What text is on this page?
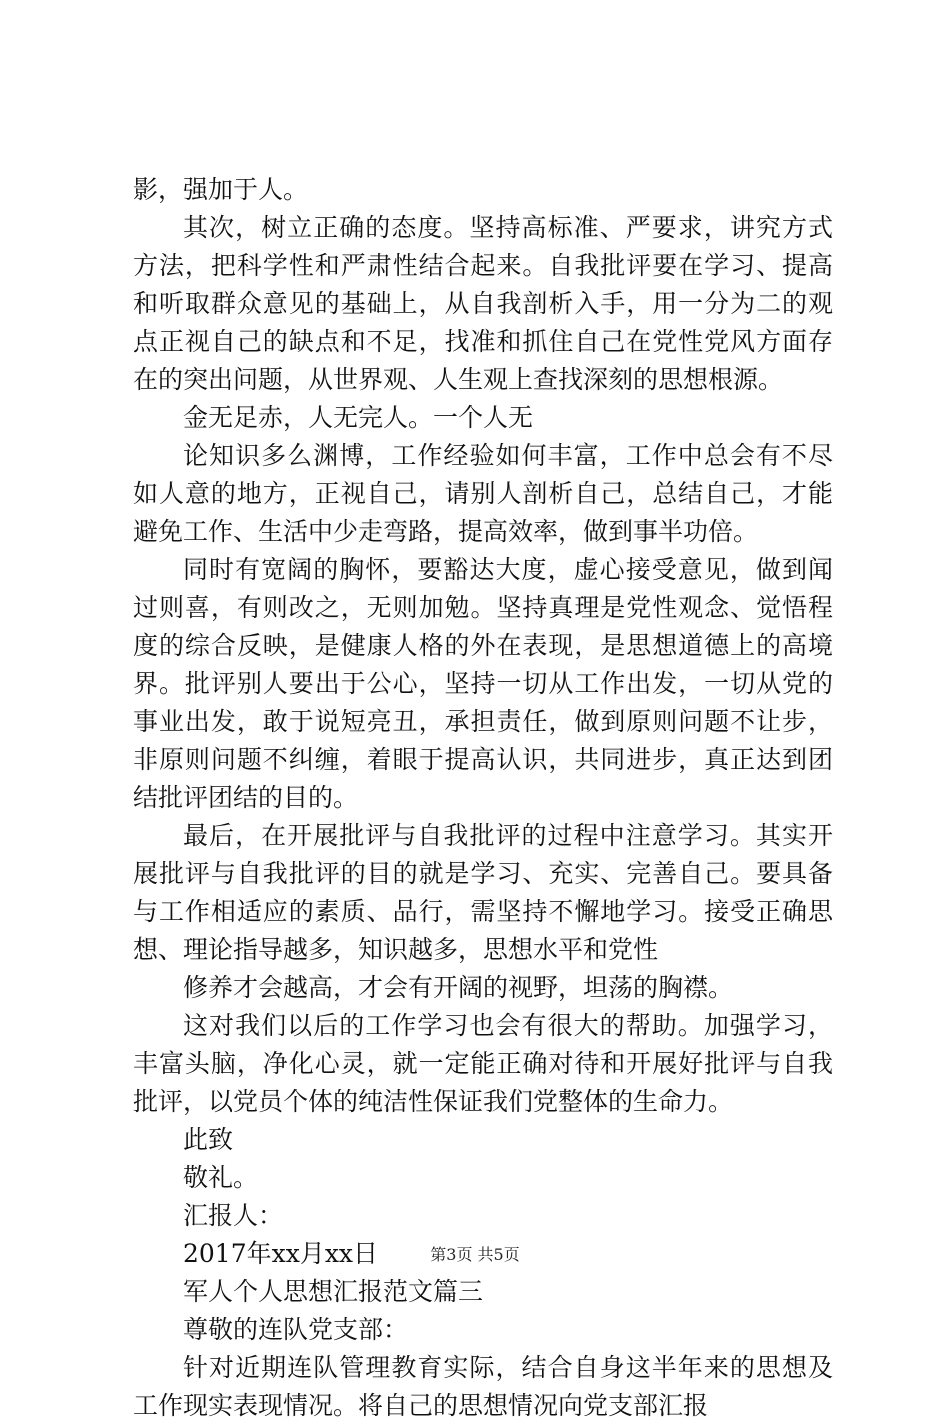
影，强加于人。
其次，树立正确的态度。坚持高标准、严要求，讲究方式
方法，把科学性和严肃性结合起来。自我批评要在学习、提高
和听取群众意见的基础上，从自我剖析入手，用一分为二的观
点正视自己的缺点和不足，找准和抓住自己在党性党风方面存
在的突出问题，从世界观、人生观上查找深刻的思想根源。
金无足赤，人无完人。一个人无
论知识多么渊博，工作经验如何丰富，工作中总会有不尽
如人意的地方，正视自己，请别人剖析自己，总结自己，才能
避免工作、生活中少走弯路，提高效率，做到事半功倍。
同时有宽阔的胸怀，要豁达大度，虚心接受意见，做到闻
过则喜，有则改之，无则加勉。坚持真理是党性观念、觉悟程
度的综合反映，是健康人格的外在表现，是思想道德上的高境
界。批评别人要出于公心，坚持一切从工作出发，一切从党的
事业出发，敢于说短亮丑，承担责任，做到原则问题不让步，
非原则问题不纠缠，着眼于提高认识，共同进步，真正达到团
结批评团结的目的。
最后，在开展批评与自我批评的过程中注意学习。其实开
展批评与自我批评的目的就是学习、充实、完善自己。要具备
与工作相适应的素质、品行，需坚持不懈地学习。接受正确思
想、理论指导越多，知识越多，思想水平和党性
修养才会越高，才会有开阔的视野，坦荡的胸襟。
这对我们以后的工作学习也会有很大的帮助。加强学习，
丰富头脑，净化心灵，就一定能正确对待和开展好批评与自我
批评，以党员个体的纯洁性保证我们党整体的生命力。
此致
敬礼。
汇报人：
2017年xx月xx日
军人个人思想汇报范文篇三
尊敬的连队党支部：
针对近期连队管理教育实际，结合自身这半年来的思想及
工作现实表现情况。将自己的思想情况向党支部汇报
第3页 共5页
